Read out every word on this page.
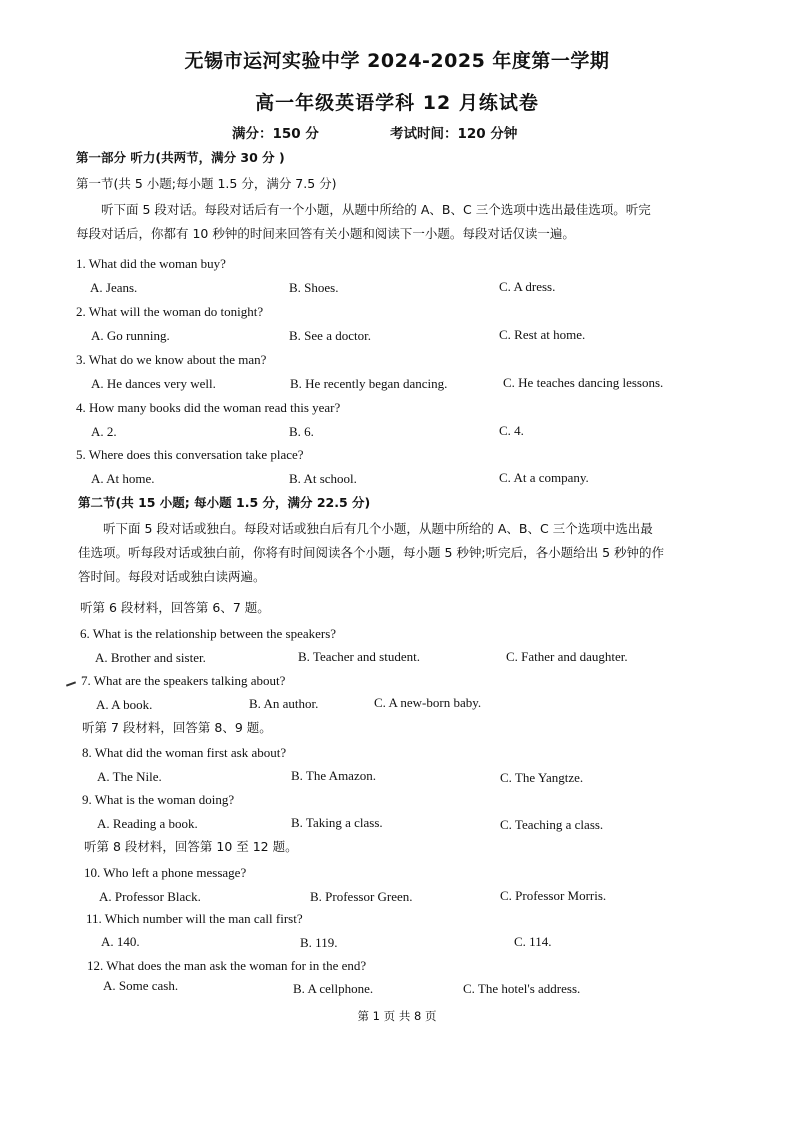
无锡市运河实验中学 2024-2025 年度第一学期
高一年级英语学科 12 月练试卷
满分：150 分	考试时间：120 分钟
第一部分 听力(共两节，满分 30 分 )
第一节(共 5 小题;每小题 1.5 分，满分 7.5 分)
听下面 5 段对话。每段对话后有一个小题，从题中所给的 A、B、C 三个选项中选出最佳选项。听完
每段对话后，你都有 10 秒钟的时间来回答有关小题和阅读下一小题。每段对话仅读一遍。
1. What did the woman buy?
A. Jeans.	B. Shoes.	C. A dress.
2. What will the woman do tonight?
A. Go running.	B. See a doctor.	C. Rest at home.
3. What do we know about the man?
A. He dances very well.	B. He recently began dancing.	C. He teaches dancing lessons.
4. How many books did the woman read this year?
A. 2.	B. 6.	C. 4.
5. Where does this conversation take place?
A. At home.	B. At school.	C. At a company.
第二节(共 15 小题; 每小题 1.5 分，满分 22.5 分)
听下面 5 段对话或独白。每段对话或独白后有几个小题，从题中所给的 A、B、C 三个选项中选出最
佳选项。听每段对话或独白前，你将有时间阅读各个小题，每小题 5 秒钟;听完后，各小题给出 5 秒钟的作
答时间。每段对话或独白读两遍。
听第 6 段材料，回答第 6、7 题。
6. What is the relationship between the speakers?
A. Brother and sister.	B. Teacher and student.	C. Father and daughter.
7. What are the speakers talking about?
A. A book.	B. An author.	C. A new-born baby.
听第 7 段材料，回答第 8、9 题。
8. What did the woman first ask about?
A. The Nile.	B. The Amazon.	C. The Yangtze.
9. What is the woman doing?
A. Reading a book.	B. Taking a class.	C. Teaching a class.
听第 8 段材料，回答第 10 至 12 题。
10. Who left a phone message?
A. Professor Black.	B. Professor Green.	C. Professor Morris.
11. Which number will the man call first?
A. 140.	B. 119.	C. 114.
12. What does the man ask the woman for in the end?
A. Some cash.	B. A cellphone.	C. The hotel's address.
第 1 页 共 8 页
